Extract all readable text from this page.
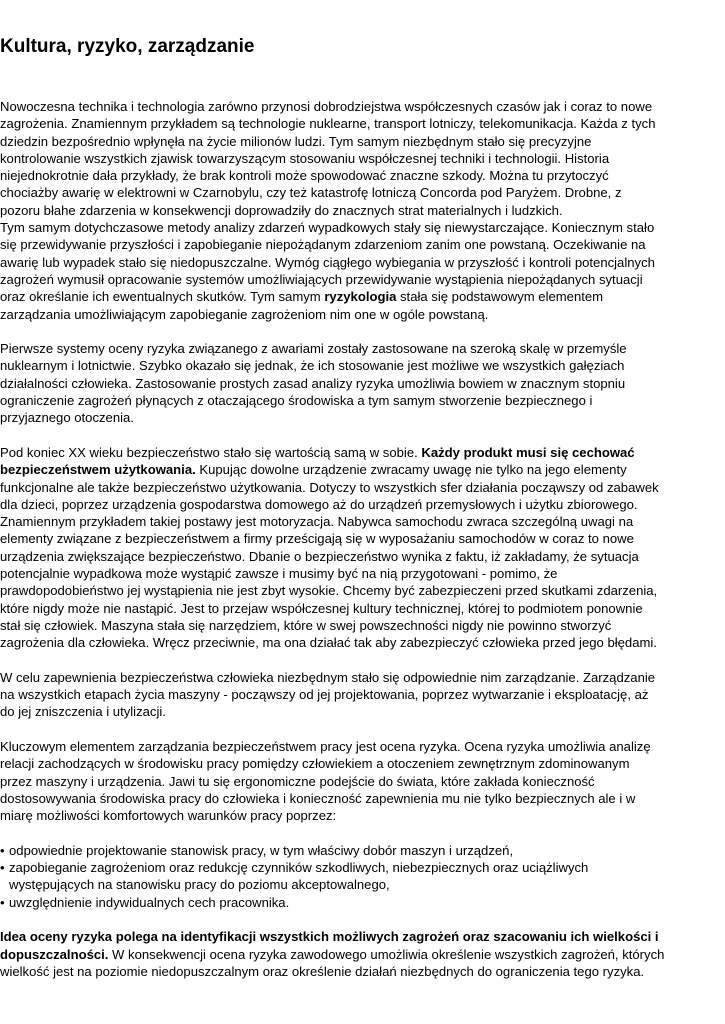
Kultura, ryzyko, zarządzanie

Nowoczesna technika i technologia zarówno przynosi dobrodziejstwa współczesnych czasów jak i coraz to nowe zagrożenia. Znamiennym przykładem są technologie nuklearne, transport lotniczy, telekomunikacja. Każda z tych dziedzin bezpośrednio wpłynęła na życie milionów ludzi. Tym samym niezbędnym stało się precyzyjne kontrolowanie wszystkich zjawisk towarzyszącym stosowaniu współczesnej techniki i technologii. Historia niejednokrotnie dała przykłady, że brak kontroli może spowodować znaczne szkody. Można tu przytoczyć chociażby awarię w elektrowni w Czarnobylu, czy też katastrofę lotniczą Concorda pod Paryżem. Drobne, z pozoru błahe zdarzenia w konsekwencji doprowadziły do znacznych strat materialnych i ludzkich.

Tym samym dotychczasowe metody analizy zdarzeń wypadkowych stały się niewystarczające. Koniecznym stało się przewidywanie przyszłości i zapobieganie niepożądanym zdarzeniom zanim one powstaną. Oczekiwanie na awarię lub wypadek stało się niedopuszczalne. Wymóg ciągłego wybiegania w przyszłość i kontroli potencjalnych zagrożeń wymusił opracowanie systemów umożliwiających przewidywanie wystąpienia niepożądanych sytuacji oraz określanie ich ewentualnych skutków. Tym samym ryzykologia stała się podstawowym elementem zarządzania umożliwiającym zapobieganie zagrożeniom nim one w ogóle powstaną.

Pierwsze systemy oceny ryzyka związanego z awariami zostały zastosowane na szeroką skalę w przemyśle nuklearnym i lotnictwie. Szybko okazało się jednak, że ich stosowanie jest możliwe we wszystkich gałęziach działalności człowieka. Zastosowanie prostych zasad analizy ryzyka umożliwia bowiem w znacznym stopniu ograniczenie zagrożeń płynących z otaczającego środowiska a tym samym stworzenie bezpiecznego i przyjaznego otoczenia.

Pod koniec XX wieku bezpieczeństwo stało się wartością samą w sobie. Każdy produkt musi się cechować bezpieczeństwem użytkowania. Kupując dowolne urządzenie zwracamy uwagę nie tylko na jego elementy funkcjonalne ale także bezpieczeństwo użytkowania. Dotyczy to wszystkich sfer działania począwszy od zabawek dla dzieci, poprzez urządzenia gospodarstwa domowego aż do urządzeń przemysłowych i użytku zbiorowego. Znamiennym przykładem takiej postawy jest motoryzacja. Nabywca samochodu zwraca szczególną uwagi na elementy związane z bezpieczeństwem a firmy prześcigają się w wyposażaniu samochodów w coraz to nowe urządzenia zwiększające bezpieczeństwo. Dbanie o bezpieczeństwo wynika z faktu, iż zakładamy, że sytuacja potencjalnie wypadkowa może wystąpić zawsze i musimy być na nią przygotowani - pomimo, że prawdopodobieństwo jej wystąpienia nie jest zbyt wysokie. Chcemy być zabezpieczeni przed skutkami zdarzenia, które nigdy może nie nastąpić. Jest to przejaw współczesnej kultury technicznej, której to podmiotem ponownie stał się człowiek. Maszyna stała się narzędziem, które w swej powszechności nigdy nie powinno stworzyć zagrożenia dla człowieka. Wręcz przeciwnie, ma ona działać tak aby zabezpieczyć człowieka przed jego błędami.

W celu zapewnienia bezpieczeństwa człowieka niezbędnym stało się odpowiednie nim zarządzanie. Zarządzanie na wszystkich etapach życia maszyny - począwszy od jej projektowania, poprzez wytwarzanie i eksploatację, aż do jej zniszczenia i utylizacji.

Kluczowym elementem zarządzania bezpieczeństwem pracy jest ocena ryzyka. Ocena ryzyka umożliwia analizę relacji zachodzących w środowisku pracy pomiędzy człowiekiem a otoczeniem zewnętrznym zdominowanym przez maszyny i urządzenia. Jawi tu się ergonomiczne podejście do świata, które zakłada konieczność dostosowywania środowiska pracy do człowieka i konieczność zapewnienia mu nie tylko bezpiecznych ale i w miarę możliwości komfortowych warunków pracy poprzez:

• odpowiednie projektowanie stanowisk pracy, w tym właściwy dobór maszyn i urządzeń,
• zapobieganie zagrożeniom oraz redukcję czynników szkodliwych, niebezpiecznych oraz uciążliwych występujących na stanowisku pracy do poziomu akceptowalnego,
• uwzględnienie indywidualnych cech pracownika.

Idea oceny ryzyka polega na identyfikacji wszystkich możliwych zagrożeń oraz szacowaniu ich wielkości i dopuszczalności. W konsekwencji ocena ryzyka zawodowego umożliwia określenie wszystkich zagrożeń, których wielkość jest na poziomie niedopuszczalnym oraz określenie działań niezbędnych do ograniczenia tego ryzyka.
